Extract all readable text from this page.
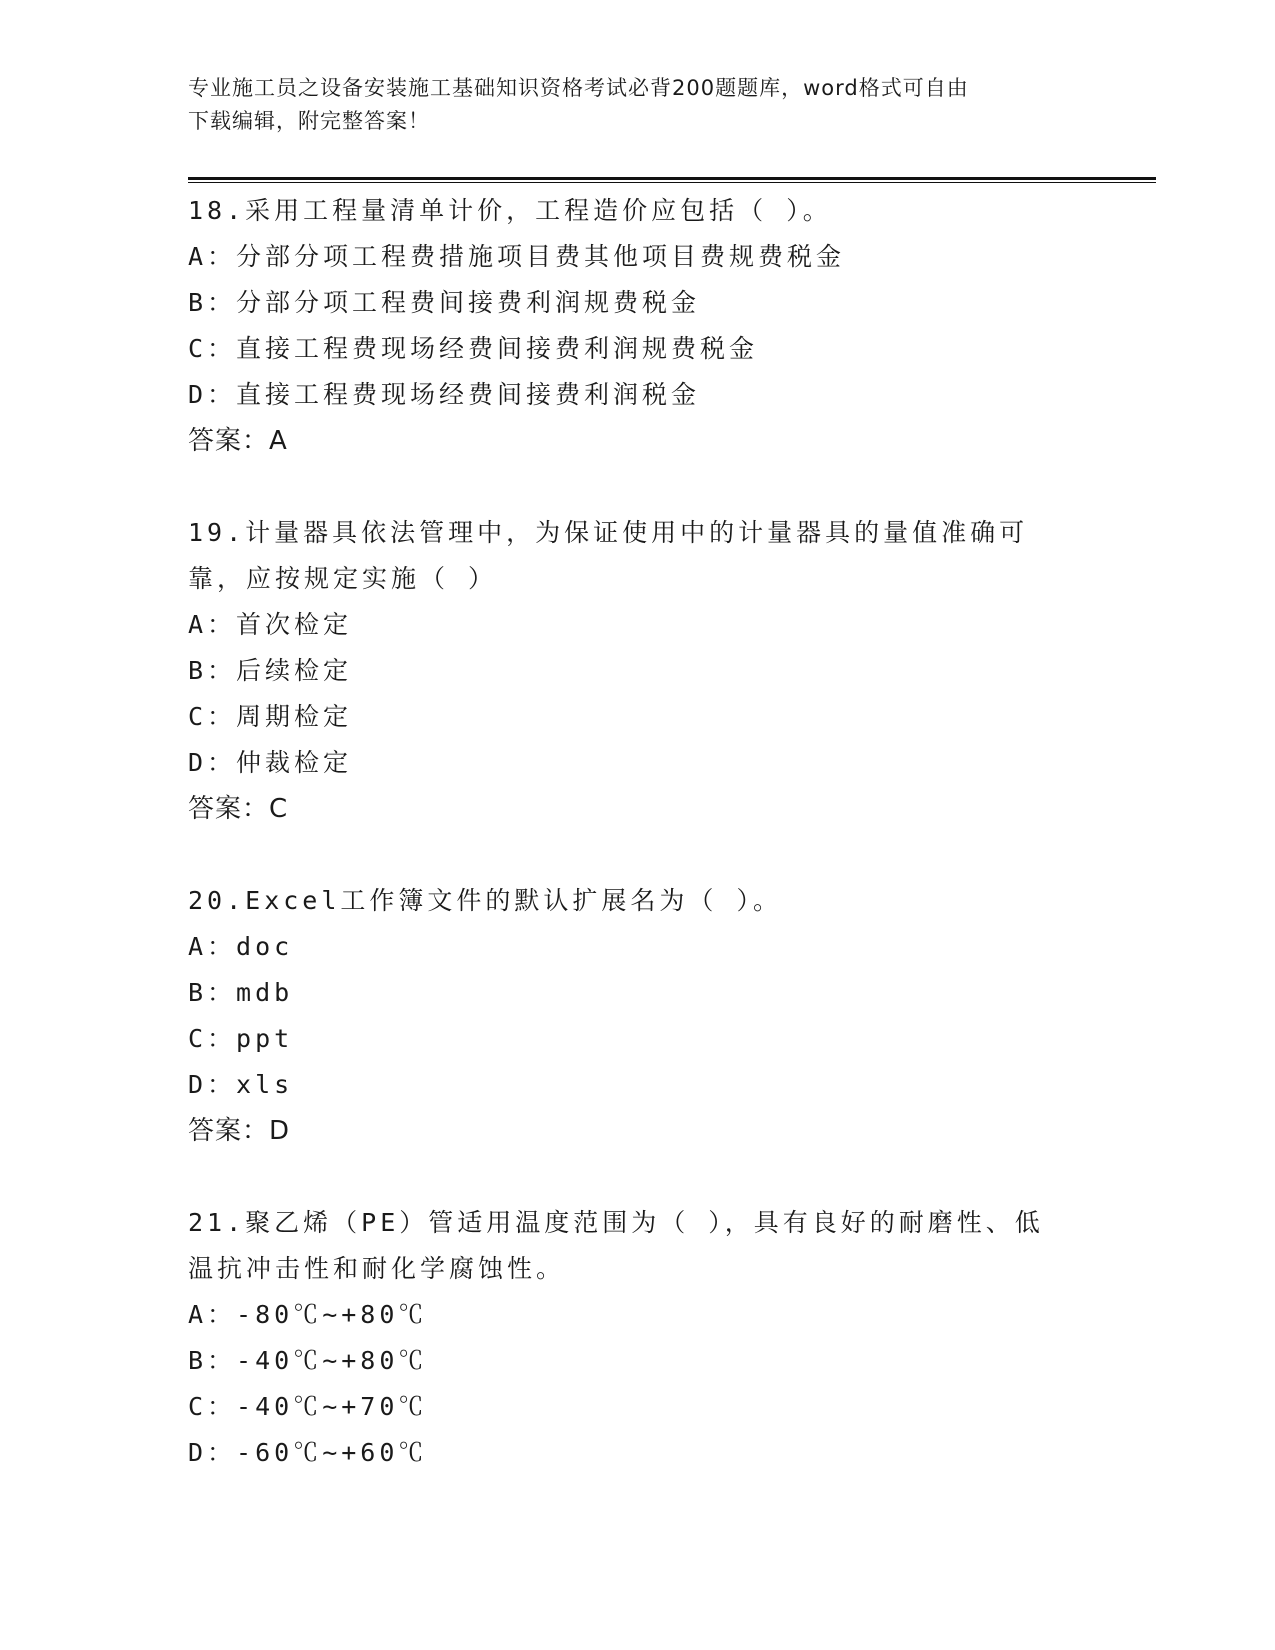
专业施工员之设备安装施工基础知识资格考试必背200题题库，word格式可自由
下载编辑，附完整答案！
18.采用工程量清单计价，工程造价应包括（ ）。
A：分部分项工程费措施项目费其他项目费规费税金
B：分部分项工程费间接费利润规费税金
C：直接工程费现场经费间接费利润规费税金
D：直接工程费现场经费间接费利润税金
答案：A
19.计量器具依法管理中，为保证使用中的计量器具的量值准确可靠，应按规定实施（ ）
A：首次检定
B：后续检定
C：周期检定
D：仲裁检定
答案：C
20.Excel工作簿文件的默认扩展名为（ ）。
A：doc
B：mdb
C：ppt
D：xls
答案：D
21.聚乙烯（PE）管适用温度范围为（ ），具有良好的耐磨性、低温抗冲击性和耐化学腐蚀性。
A：-80℃~+80℃
B：-40℃~+80℃
C：-40℃~+70℃
D：-60℃~+60℃
